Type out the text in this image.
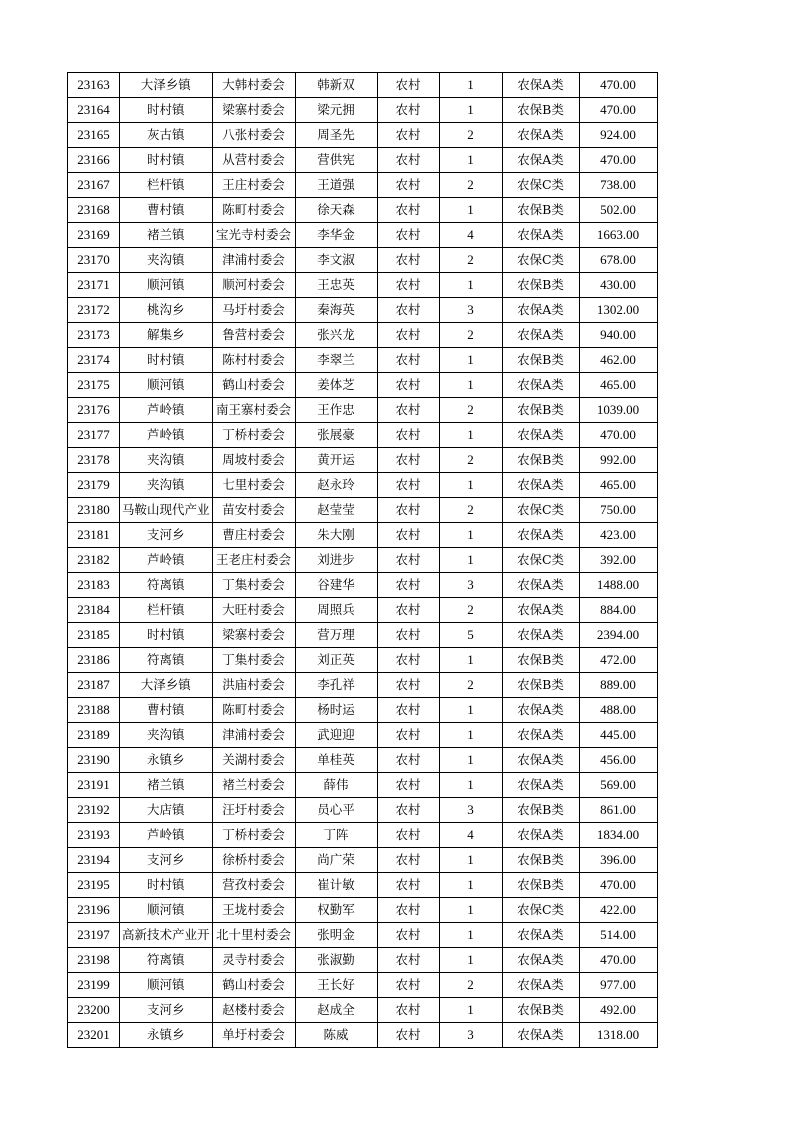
23163	大泽乡镇	大韩村委会	韩新双	农村	1	农保A类	470.00
23164	时村镇	梁寨村委会	梁元拥	农村	1	农保B类	470.00
23165	灰古镇	八张村委会	周圣先	农村	2	农保A类	924.00
23166	时村镇	从营村委会	营供宪	农村	1	农保A类	470.00
23167	栏杆镇	王庄村委会	王道强	农村	2	农保C类	738.00
23168	曹村镇	陈町村委会	徐天森	农村	1	农保B类	502.00
23169	褚兰镇	宝光寺村委会	李华金	农村	4	农保A类	1663.00
23170	夹沟镇	津浦村委会	李文淑	农村	2	农保C类	678.00
23171	顺河镇	顺河村委会	王忠英	农村	1	农保B类	430.00
23172	桃沟乡	马圩村委会	秦海英	农村	3	农保A类	1302.00
23173	解集乡	鲁营村委会	张兴龙	农村	2	农保A类	940.00
23174	时村镇	陈村村委会	李翠兰	农村	1	农保B类	462.00
23175	顺河镇	鹤山村委会	姜体芝	农村	1	农保A类	465.00
23176	芦岭镇	南王寨村委会	王作忠	农村	2	农保B类	1039.00
23177	芦岭镇	丁桥村委会	张展豪	农村	1	农保A类	470.00
23178	夹沟镇	周坡村委会	黄开运	农村	2	农保B类	992.00
23179	夹沟镇	七里村委会	赵永玲	农村	1	农保A类	465.00
23180	马鞍山现代产业	苗安村委会	赵莹莹	农村	2	农保C类	750.00
23181	支河乡	曹庄村委会	朱大刚	农村	1	农保A类	423.00
23182	芦岭镇	王老庄村委会	刘进步	农村	1	农保C类	392.00
23183	符离镇	丁集村委会	谷建华	农村	3	农保A类	1488.00
23184	栏杆镇	大旺村委会	周照兵	农村	2	农保A类	884.00
23185	时村镇	梁寨村委会	营万理	农村	5	农保A类	2394.00
23186	符离镇	丁集村委会	刘正英	农村	1	农保B类	472.00
23187	大泽乡镇	洪庙村委会	李孔祥	农村	2	农保B类	889.00
23188	曹村镇	陈町村委会	杨时运	农村	1	农保A类	488.00
23189	夹沟镇	津浦村委会	武迎迎	农村	1	农保A类	445.00
23190	永镇乡	关湖村委会	单桂英	农村	1	农保A类	456.00
23191	褚兰镇	褚兰村委会	薛伟	农村	1	农保A类	569.00
23192	大店镇	汪圩村委会	员心平	农村	3	农保B类	861.00
23193	芦岭镇	丁桥村委会	丁阵	农村	4	农保A类	1834.00
23194	支河乡	徐桥村委会	尚广荣	农村	1	农保B类	396.00
23195	时村镇	营孜村委会	崔计敏	农村	1	农保B类	470.00
23196	顺河镇	王垅村委会	权勤军	农村	1	农保C类	422.00
23197	高新技术产业开	北十里村委会	张明金	农村	1	农保A类	514.00
23198	符离镇	灵寺村委会	张淑勤	农村	1	农保A类	470.00
23199	顺河镇	鹤山村委会	王长好	农村	2	农保A类	977.00
23200	支河乡	赵楼村委会	赵成全	农村	1	农保B类	492.00
23201	永镇乡	单圩村委会	陈威	农村	3	农保A类	1318.00
